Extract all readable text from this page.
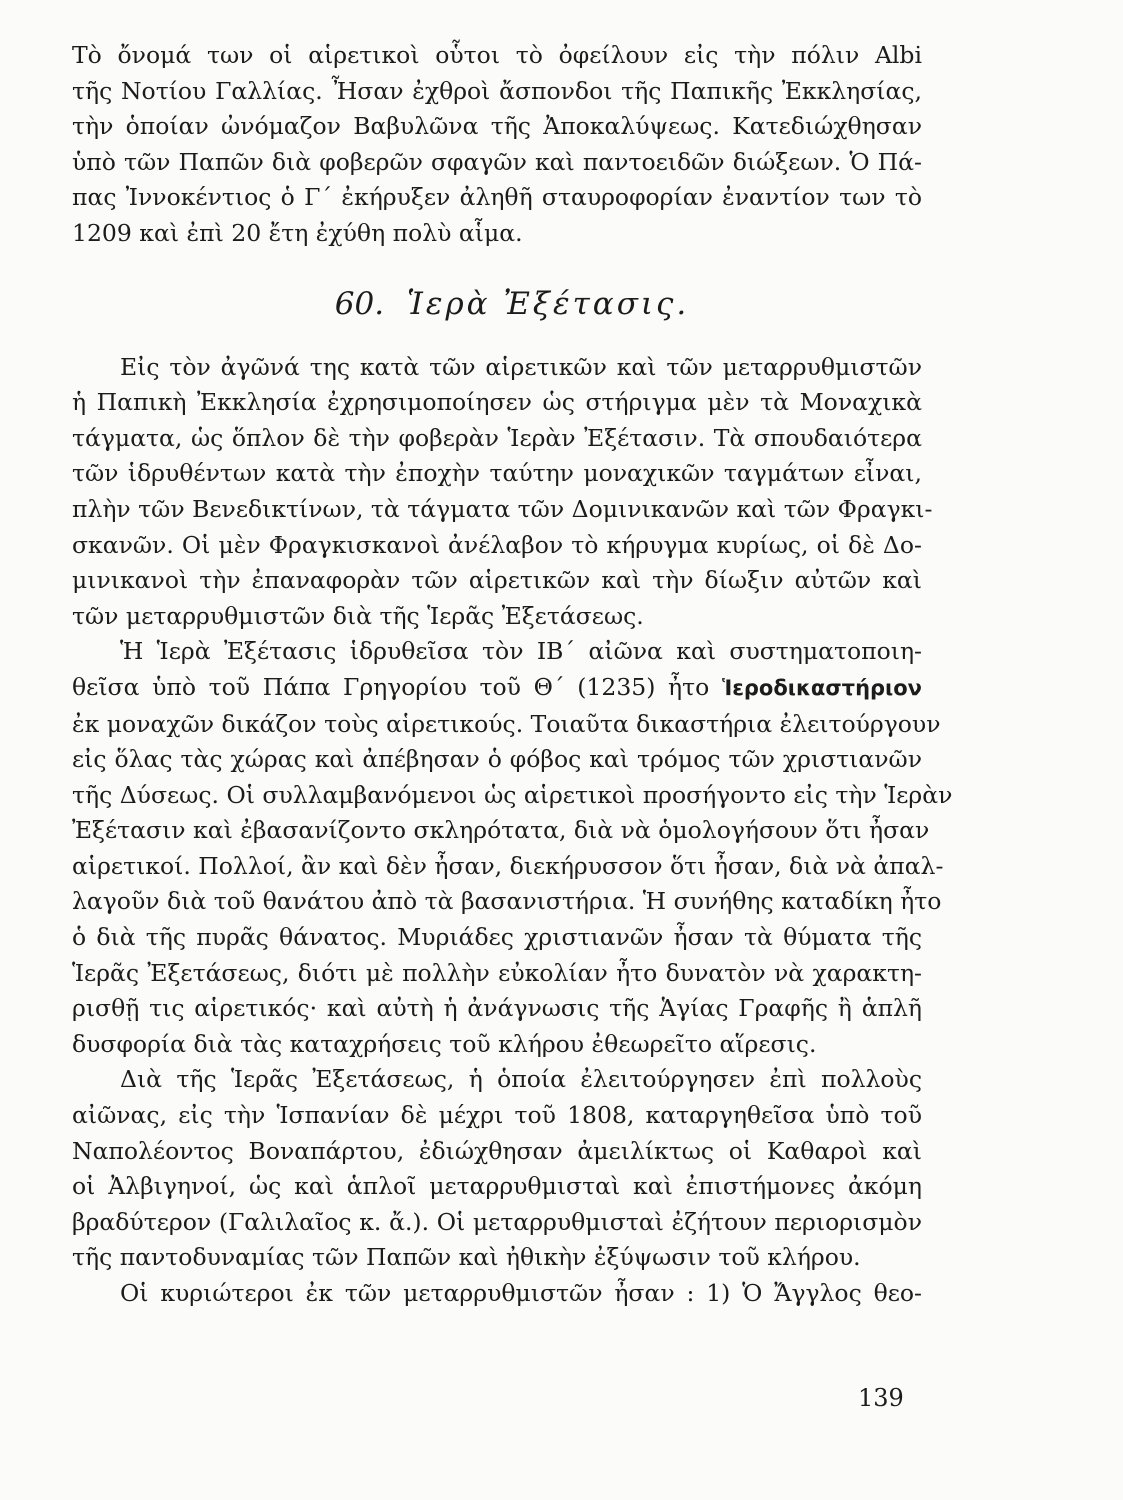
Τὸ ὄνομά των οἱ αἱρετικοὶ οὗτοι τὸ ὀφείλουν εἰς τὴν πόλιν Albi
τῆς Νοτίου Γαλλίας. Ἦσαν ἐχθροὶ ἄσπονδοι τῆς Παπικῆς Ἐκκλησίας,
τὴν ὁποίαν ὠνόμαζον Βαβυλῶνα τῆς Ἀποκαλύψεως. Κατεδιώχθησαν
ὑπὸ τῶν Παπῶν διὰ φοβερῶν σφαγῶν καὶ παντοειδῶν διώξεων. Ὁ Πά-
πας Ἰννοκέντιος ὁ Γ΄ ἐκήρυξεν ἀληθῆ σταυροφορίαν ἐναντίον των τὸ
1209 καὶ ἐπὶ 20 ἔτη ἐχύθη πολὺ αἷμα.
60. Ἱερὰ Ἐξέτασις.
Εἰς τὸν ἀγῶνά της κατὰ τῶν αἱρετικῶν καὶ τῶν μεταρρυθμιστῶν
ἡ Παπικὴ Ἐκκλησία ἐχρησιμοποίησεν ὡς στήριγμα μὲν τὰ Μοναχικὰ
τάγματα, ὡς ὅπλον δὲ τὴν φοβερὰν Ἱερὰν Ἐξέτασιν. Τὰ σπουδαιότερα
τῶν ἱδρυθέντων κατὰ τὴν ἐποχὴν ταύτην μοναχικῶν ταγμάτων εἶναι,
πλὴν τῶν Βενεδικτίνων, τὰ τάγματα τῶν Δομινικανῶν καὶ τῶν Φραγκι-
σκανῶν. Οἱ μὲν Φραγκισκανοὶ ἀνέλαβον τὸ κήρυγμα κυρίως, οἱ δὲ Δο-
μινικανοὶ τὴν ἐπαναφορὰν τῶν αἱρετικῶν καὶ τὴν δίωξιν αὐτῶν καὶ
τῶν μεταρρυθμιστῶν διὰ τῆς Ἱερᾶς Ἐξετάσεως.
Ἡ Ἱερὰ Ἐξέτασις ἱδρυθεῖσα τὸν ΙΒ΄ αἰῶνα καὶ συστηματοποιη-
θεῖσα ὑπὸ τοῦ Πάπα Γρηγορίου τοῦ Θ΄ (1235) ἦτο Ἱεροδικαστήριον
ἐκ μοναχῶν δικάζον τοὺς αἱρετικούς. Τοιαῦτα δικαστήρια ἐλειτούργουν
εἰς ὅλας τὰς χώρας καὶ ἀπέβησαν ὁ φόβος καὶ τρόμος τῶν χριστιανῶν
τῆς Δύσεως. Οἱ συλλαμβανόμενοι ὡς αἱρετικοὶ προσήγοντο εἰς τὴν Ἱερὰν
Ἐξέτασιν καὶ ἐβασανίζοντο σκληρότατα, διὰ νὰ ὁμολογήσουν ὅτι ἦσαν
αἱρετικοί. Πολλοί, ἂν καὶ δὲν ἦσαν, διεκήρυσσον ὅτι ἦσαν, διὰ νὰ ἀπαλ-
λαγοῦν διὰ τοῦ θανάτου ἀπὸ τὰ βασανιστήρια. Ἡ συνήθης καταδίκη ἦτο
ὁ διὰ τῆς πυρᾶς θάνατος. Μυριάδες χριστιανῶν ἦσαν τὰ θύματα τῆς
Ἱερᾶς Ἐξετάσεως, διότι μὲ πολλὴν εὐκολίαν ἦτο δυνατὸν νὰ χαρακτη-
ρισθῇ τις αἱρετικός· καὶ αὐτὴ ἡ ἀνάγνωσις τῆς Ἁγίας Γραφῆς ἢ ἁπλῆ
δυσφορία διὰ τὰς καταχρήσεις τοῦ κλήρου ἐθεωρεῖτο αἵρεσις.
Διὰ τῆς Ἱερᾶς Ἐξετάσεως, ἡ ὁποία ἐλειτούργησεν ἐπὶ πολλοὺς
αἰῶνας, εἰς τὴν Ἱσπανίαν δὲ μέχρι τοῦ 1808, καταργηθεῖσα ὑπὸ τοῦ
Ναπολέοντος Βοναπάρτου, ἐδιώχθησαν ἀμειλίκτως οἱ Καθαροὶ καὶ
οἱ Ἀλβιγηνοί, ὡς καὶ ἁπλοῖ μεταρρυθμισταὶ καὶ ἐπιστήμονες ἀκόμη
βραδύτερον (Γαλιλαῖος κ. ἄ.). Οἱ μεταρρυθμισταὶ ἐζήτουν περιορισμὸν
τῆς παντοδυναμίας τῶν Παπῶν καὶ ἠθικὴν ἐξύψωσιν τοῦ κλήρου.
Οἱ κυριώτεροι ἐκ τῶν μεταρρυθμιστῶν ἦσαν : 1) Ὁ Ἄγγλος θεο-
139
